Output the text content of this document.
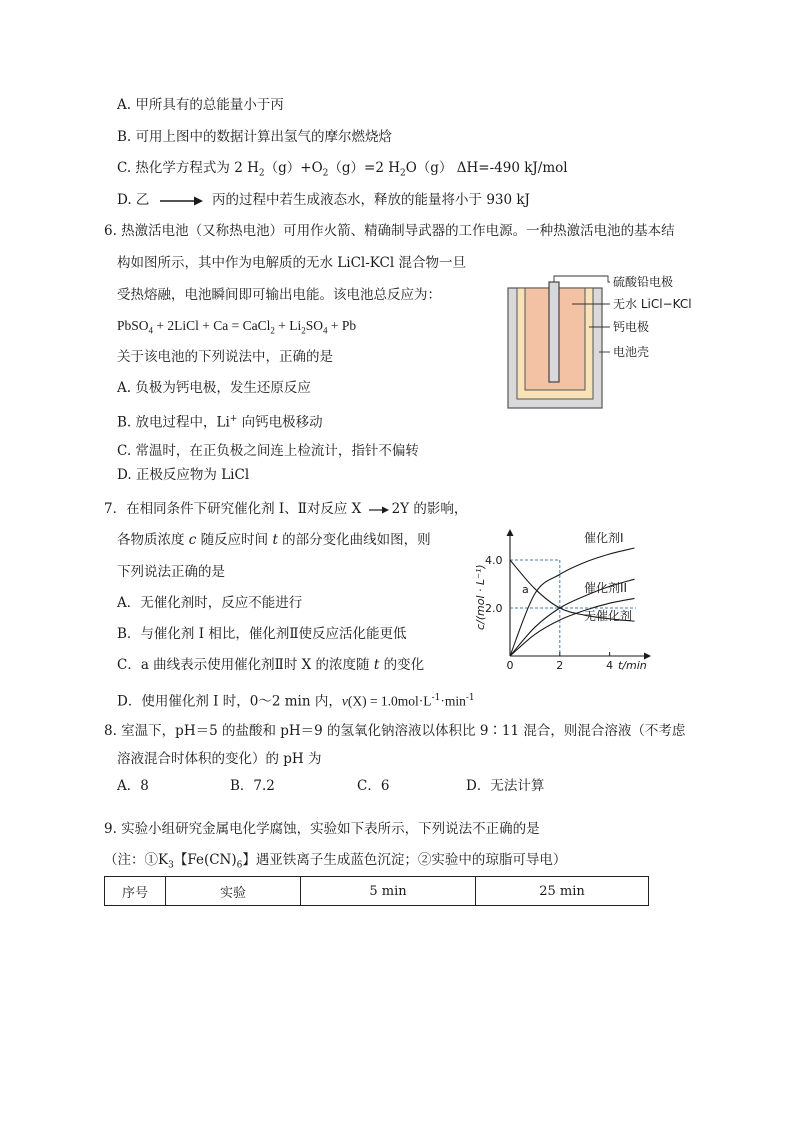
A. 甲所具有的总能量小于丙
B. 可用上图中的数据计算出氢气的摩尔燃烧焓
C. 热化学方程式为 2 $H_2(g)+O_2(g)=2$ $H_2O(g)$ ΔH=-490 kJ/mol
D. 乙	丙的过程中若生成液态水，释放的能量将小于 930 kJ
6. 热激活电池（又称热电池）可用作火箭、精确制导武器的工作电源。一种热激活电池的基本结
构如图所示，其中作为电解质的无水 LiCl-KCl 混合物一旦
受热熔融，电池瞬间即可输出电能。该电池总反应为：
PbSO$_4$ + 2LiCl + Ca = CaCl$_2$ + $Li_2SO_4 + Pb$
关于该电池的下列说法中，正确的是
A. 负极为钙电极，发生还原反应
B. 放电过程中，Li+ 向钙电极移动
C. 常温时，在正负极之间连上检流计，指针不偏转
D. 正极反应物为 LiCl
硫酸铅电极
无水 LiCl−KCl
钙电极
电池壳
7．在相同条件下研究催化剂 I、Ⅱ对反应 X 2Y 的影响，
各物质浓度 c 随反应时间 t 的部分变化曲线如图，则
下列说法正确的是
A．无催化剂时，反应不能进行
B．与催化剂 I 相比，催化剂Ⅱ使反应活化能更低
C．a 曲线表示使用催化剂Ⅱ时 X 的浓度随 t 的变化
D．使用催化剂 I 时，0～2 min 内，$v(X) = 1.0mol\cdot L^{-1}\cdot\min^{-1}$
0	2	4
2.0
4.0
c/(mol · L⁻¹)
t/min
a
催化剂I
催化剂II
无催化剂
8. 室温下，pH＝5 的盐酸和 pH＝9 的氢氧化钠溶液以体积比 9∶11 混合，则混合溶液（不考虑
溶液混合时体积的变化）的 pH 为
A．8	B．7.2	C．6	D．无法计算
9. 实验小组研究金属电化学腐蚀，实验如下表所示，下列说法不正确的是
（注：$①K_3$【$Fe(CN)_6$】遇亚铁离子生成蓝色沉淀；②实验中的琼脂可导电）
序号	实验	5 min	25 min
